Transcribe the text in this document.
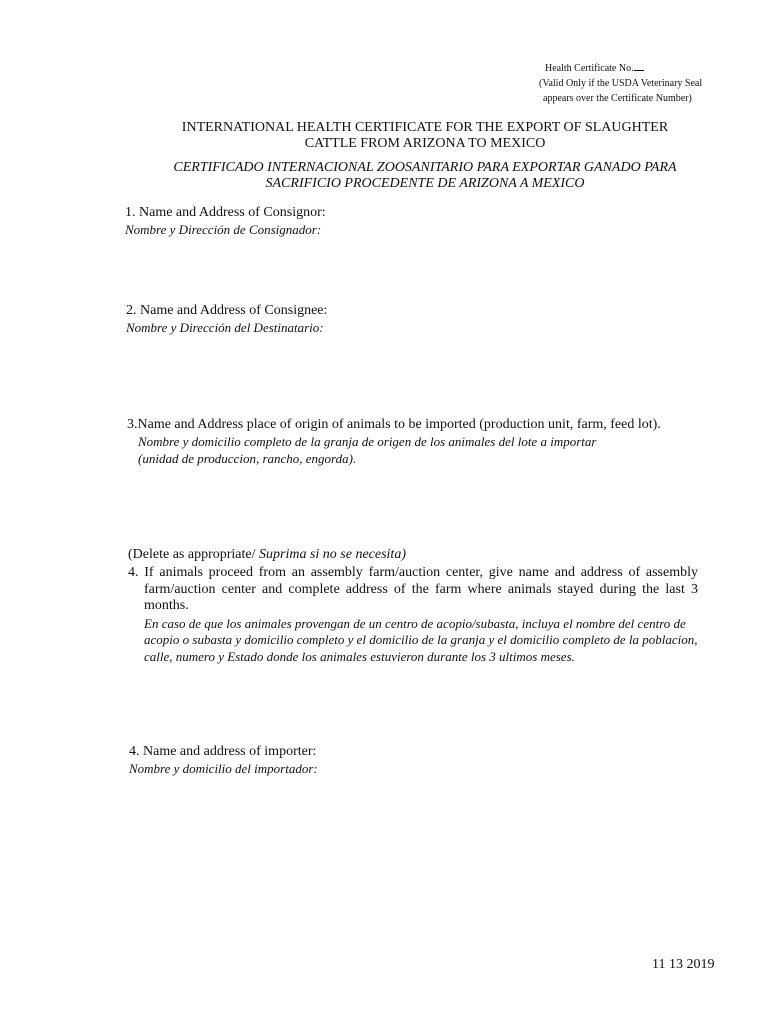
Health Certificate No.
(Valid Only if the USDA Veterinary Seal
appears over the Certificate Number)
INTERNATIONAL HEALTH CERTIFICATE FOR THE EXPORT OF SLAUGHTER
CATTLE FROM ARIZONA TO MEXICO
CERTIFICADO INTERNACIONAL ZOOSANITARIO PARA EXPORTAR GANADO PARA
SACRIFICIO PROCEDENTE DE ARIZONA A MEXICO
1. Name and Address of Consignor:
Nombre y Dirección de Consignador:
2. Name and Address of Consignee:
Nombre y Dirección del Destinatario:
3.Name and Address place of origin of animals to be imported (production unit, farm, feed lot).
Nombre y domicilio completo de la granja de origen de los animales del lote a importar
(unidad de produccion, rancho, engorda).
(Delete as appropriate/ Suprima si no se necesita)
4. If animals proceed from an assembly farm/auction center, give name and address of assembly farm/auction center and complete address of the farm where animals stayed during the last 3 months.
En caso de que los animales provengan de un centro de acopio/subasta, incluya el nombre del centro de acopio o subasta y domicilio completo y el domicilio de la granja y el domicilio completo de la poblacion, calle, numero y Estado donde los animales estuvieron durante los 3 ultimos meses.
4. Name and address of importer:
Nombre y domicilio del importador:
11 13 2019
